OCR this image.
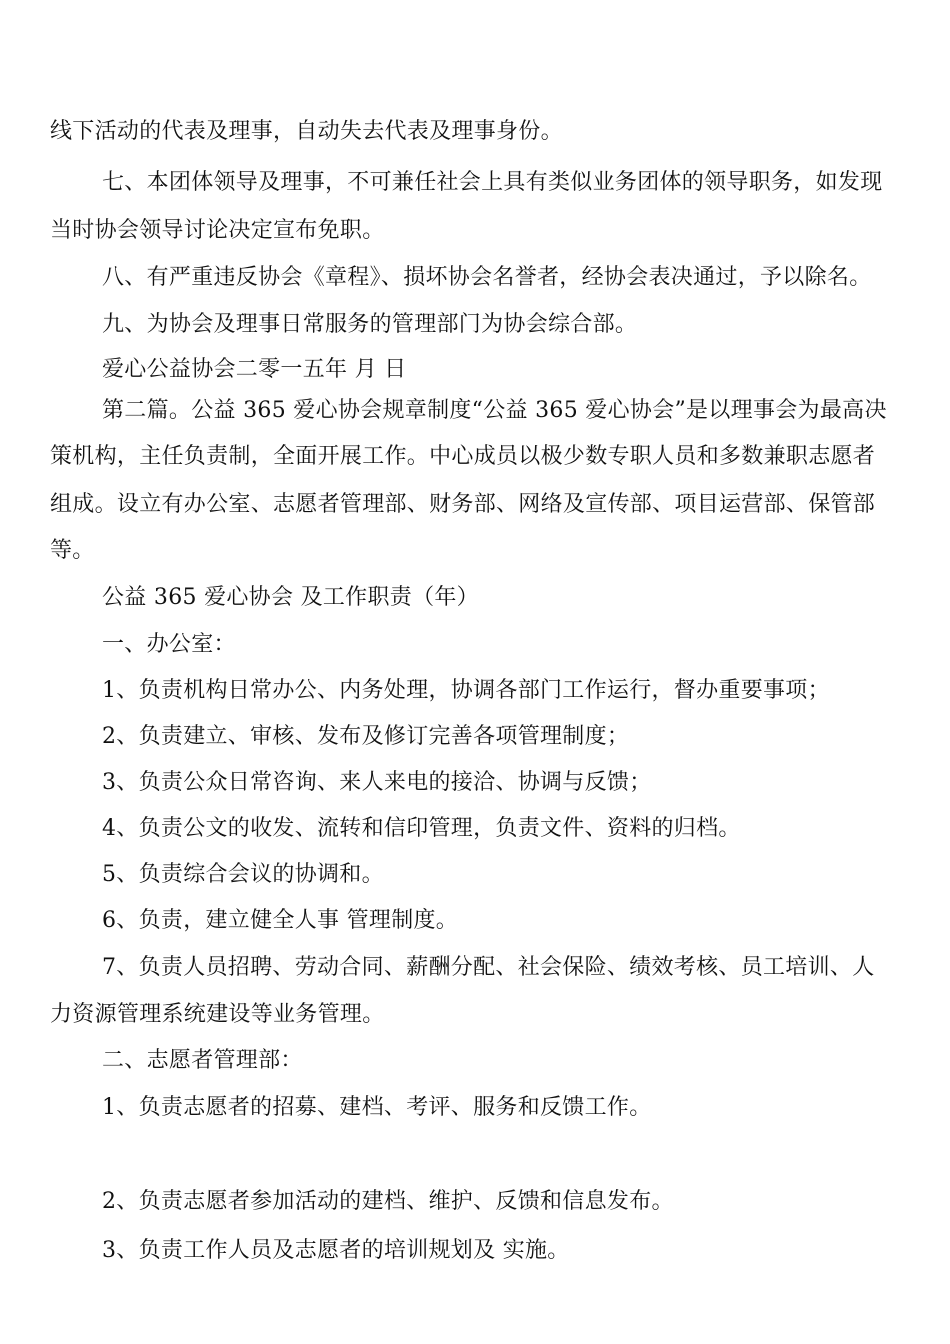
线下活动的代表及理事，自动失去代表及理事身份。
七、本团体领导及理事，不可兼任社会上具有类似业务团体的领导职务，如发现
当时协会领导讨论决定宣布免职。
八、有严重违反协会《章程》、损坏协会名誉者，经协会表决通过，予以除名。
九、为协会及理事日常服务的管理部门为协会综合部。
爱心公益协会二零一五年 月 日
第二篇。公益 365 爱心协会规章制度“公益 365 爱心协会”是以理事会为最高决
策机构，主任负责制，全面开展工作。中心成员以极少数专职人员和多数兼职志愿者
组成。设立有办公室、志愿者管理部、财务部、网络及宣传部、项目运营部、保管部
等。
公益 365 爱心协会 及工作职责（年）
一、办公室：
1、负责机构日常办公、内务处理，协调各部门工作运行，督办重要事项；
2、负责建立、审核、发布及修订完善各项管理制度；
3、负责公众日常咨询、来人来电的接洽、协调与反馈；
4、负责公文的收发、流转和信印管理，负责文件、资料的归档。
5、负责综合会议的协调和。
6、负责，建立健全人事 管理制度。
7、负责人员招聘、劳动合同、薪酬分配、社会保险、绩效考核、员工培训、人
力资源管理系统建设等业务管理。
二、志愿者管理部：
1、负责志愿者的招募、建档、考评、服务和反馈工作。
2、负责志愿者参加活动的建档、维护、反馈和信息发布。
3、负责工作人员及志愿者的培训规划及 实施。
